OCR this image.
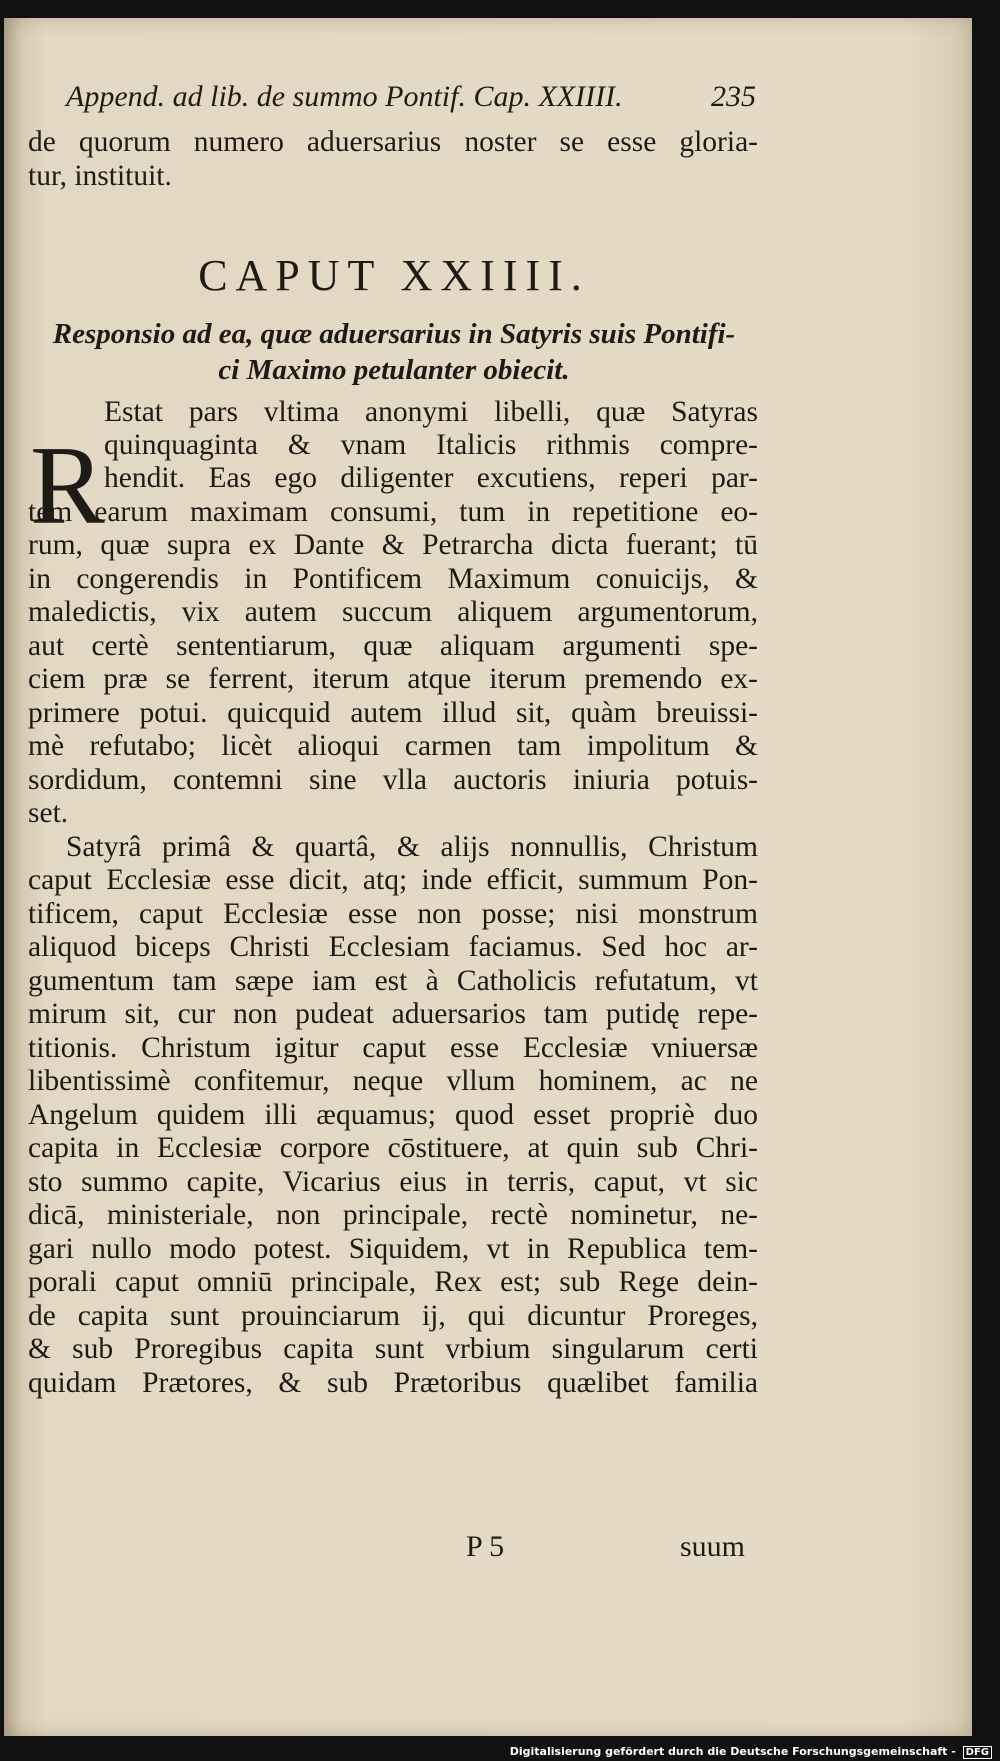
Append. ad lib. de summo Pontif. Cap. XXIIII.	235
de quorum numero aduersarius noster se esse gloria-
tur, instituit.
CAPUT XXIIII.
Responsio ad ea, quæ aduersarius in Satyris suis Pontifi-
ci Maximo petulanter obiecit.
R
Estat pars vltima anonymi libelli, quæ Satyras
quinquaginta & vnam Italicis rithmis compre-
hendit. Eas ego diligenter excutiens, reperi par-
tem earum maximam consumi, tum in repetitione eo-
rum, quæ supra ex Dante & Petrarcha dicta fuerant; tū
in congerendis in Pontificem Maximum conuicijs, &
maledictis, vix autem succum aliquem argumentorum,
aut certè sententiarum, quæ aliquam argumenti spe-
ciem præ se ferrent, iterum atque iterum premendo ex-
primere potui. quicquid autem illud sit, quàm breuissi-
mè refutabo; licèt alioqui carmen tam impolitum &
sordidum, contemni sine vlla auctoris iniuria potuis-
set.
Satyrâ primâ & quartâ, & alijs nonnullis, Christum
caput Ecclesiæ esse dicit, atq; inde efficit, summum Pon-
tificem, caput Ecclesiæ esse non posse; nisi monstrum
aliquod biceps Christi Ecclesiam faciamus. Sed hoc ar-
gumentum tam sæpe iam est à Catholicis refutatum, vt
mirum sit, cur non pudeat aduersarios tam putidę repe-
titionis. Christum igitur caput esse Ecclesiæ vniuersæ
libentissimè confitemur, neque vllum hominem, ac ne
Angelum quidem illi æquamus; quod esset propriè duo
capita in Ecclesiæ corpore cōstituere, at quin sub Chri-
sto summo capite, Vicarius eius in terris, caput, vt sic
dicā, ministeriale, non principale, rectè nominetur, ne-
gari nullo modo potest. Siquidem, vt in Republica tem-
porali caput omniū principale, Rex est; sub Rege dein-
de capita sunt prouinciarum ij, qui dicuntur Proreges,
& sub Proregibus capita sunt vrbium singularum certi
quidam Prætores, & sub Prætoribus quælibet familia
P 5	suum
Digitalisierung gefördert durch die Deutsche Forschungsgemeinschaft - DFG
